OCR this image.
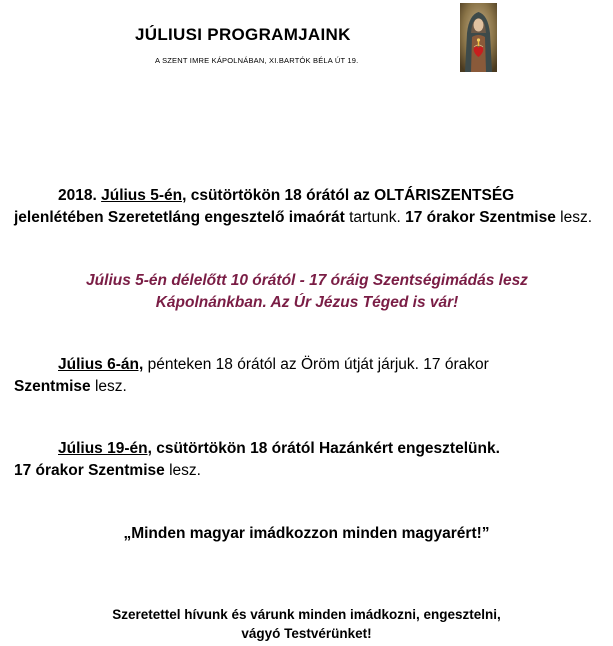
JÚLIUSI PROGRAMJAINK
A SZENT IMRE KÁPOLNÁBAN, XI.BARTÓK BÉLA ÚT 19.
2018. Július 5-én, csütörtökön 18 órától az OLTÁRISZENTSÉG jelenlétében Szeretetláng engesztelő imaórát tartunk. 17 órakor Szentmise lesz.
Július 5-én délelőtt 10 órától - 17 óráig Szentségimádás lesz
Kápolnánkban. Az Úr Jézus Téged is vár!
Július 6-án, pénteken 18 órától az Öröm útját járjuk. 17 órakor
Szentmise lesz.
Július 19-én, csütörtökön 18 órától Hazánkért engesztelünk.
17 órakor Szentmise lesz.
„Minden magyar imádkozzon minden magyarért!”
Szeretettel hívunk és várunk minden imádkozni, engesztelni,
vágyó Testvérünket!
